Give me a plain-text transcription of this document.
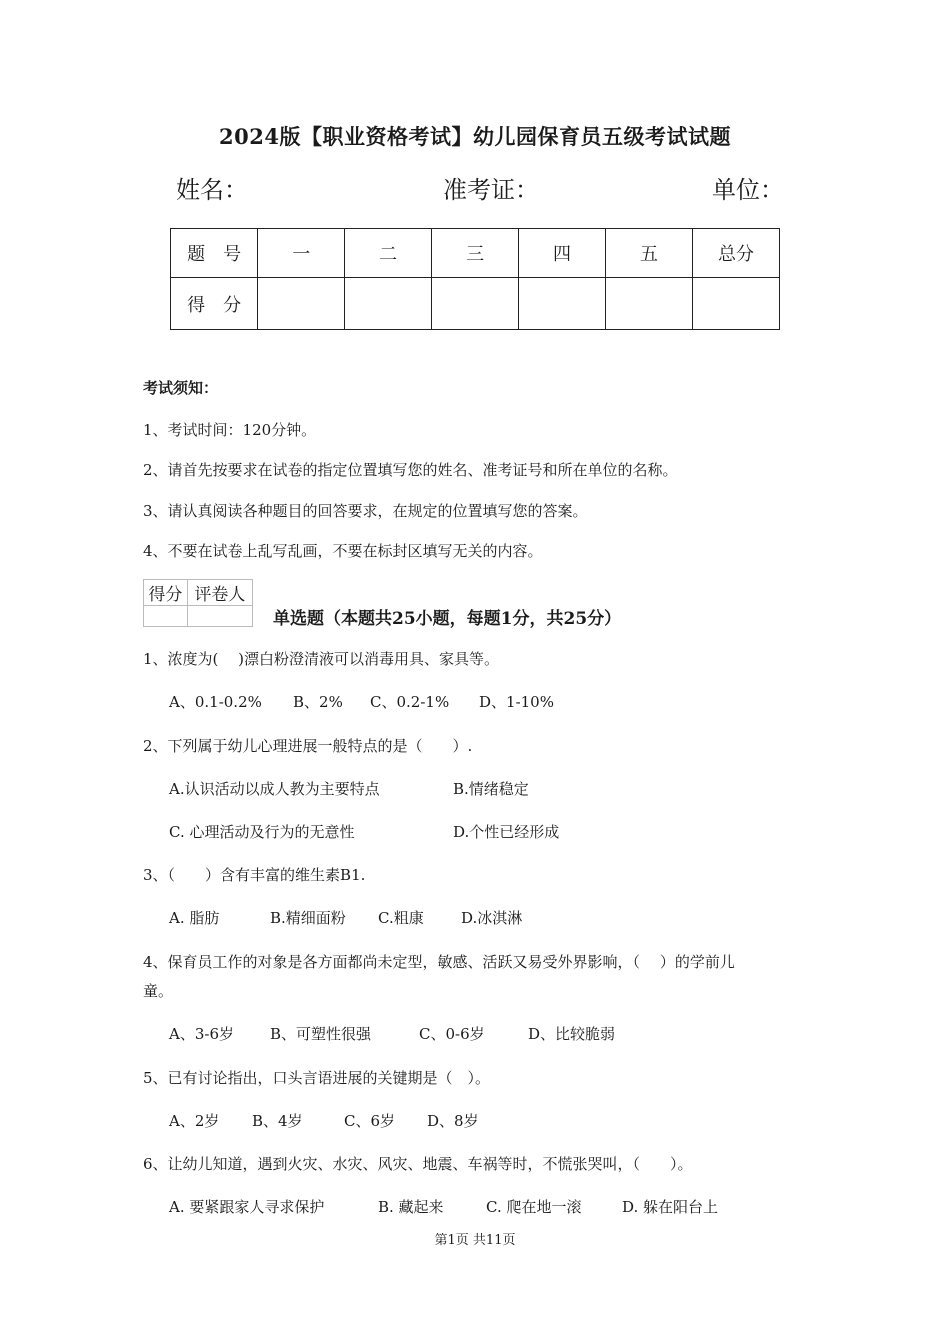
2024版【职业资格考试】幼儿园保育员五级考试试题
姓名：	准考证：	单位：
题　号	一	二	三	四	五	总分
得　分						
考试须知：
1、考试时间：120分钟。
2、请首先按要求在试卷的指定位置填写您的姓名、准考证号和所在单位的名称。
3、请认真阅读各种题目的回答要求，在规定的位置填写您的答案。
4、不要在试卷上乱写乱画，不要在标封区填写无关的内容。
得分	评卷人

单选题（本题共25小题，每题1分，共25分）
1、浓度为(　 )漂白粉澄清液可以消毒用具、家具等。
A、0.1-0.2% B、2% C、0.2-1% D、1-10%
2、下列属于幼儿心理进展一般特点的是（　　）.
A.认识活动以成人教为主要特点	B.情绪稳定
C. 心理活动及行为的无意性	D.个性已经形成
3、（　　）含有丰富的维生素B1.
A. 脂肪	B.精细面粉 C.粗康 D.冰淇淋
4、保育员工作的对象是各方面都尚未定型，敏感、活跃又易受外界影响，（　 ）的学前儿
童。
A、3-6岁 B、可塑性很强	C、0-6岁	D、比较脆弱
5、已有讨论指出，口头言语进展的关键期是（　）。
A、2岁 B、4岁	C、6岁 D、8岁
6、让幼儿知道，遇到火灾、水灾、风灾、地震、车祸等时，不慌张哭叫，（　　）。
A. 要紧跟家人寻求保护	B. 藏起来	C. 爬在地一滚	D. 躲在阳台上
第1页 共11页
